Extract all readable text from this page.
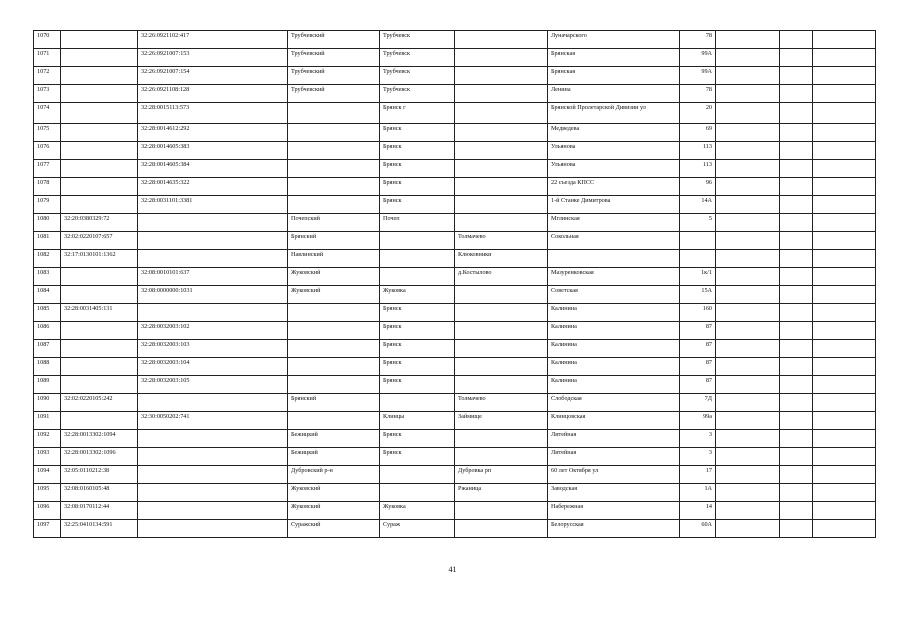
1070		32:26:0921102:417	Трубчевский	Трубчевск		Луначарского	78			
1071		32:26:0921007:153	Трубчевский	Трубчевск		Брянская	99А			
1072		32:26:0921007:154	Трубчевский	Трубчевск		Брянская	99А			
1073		32:26:0921108:128	Трубчевский	Трубчевск		Ленина	78			
1074		32:28:0015113:573		Брянск г		Брянской Пролетарской Дивизии ул	20			
1075		32:28:0014612:292		Брянск		Медведева	69			
1076		32:28:0014605:383		Брянск		Ульянова	113			
1077		32:28:0014605:384		Брянск		Ульянова	113			
1078		32:28:0014635:322		Брянск		22 съезда КПСС	96			
1079		32:28:0031101:3381		Брянск		1-й Станке Димитрова	14А			
1080	32:20:0380329:72		Почепский	Почеп		Мглинская	5			
1081	32:02:0220107:657		Брянский		Толмачево	Сокольная				
1082	32:17:0130101:1362		Навлинский		Клюковники					
1083		32:08:0010101:637	Жуковский		д.Костылово	Мазуренковская	1к/1			
1084		32:08:0000000:1031	Жуковский	Жуковка		Советская	15А			
1085	32:28:0031405:131			Брянск		Калинина	160			
1086		32:28:0032003:102		Брянск		Калинина	87			
1087		32:28:0032003:103		Брянск		Калинина	87			
1088		32:28:0032003:104		Брянск		Калинина	87			
1089		32:28:0032003:105		Брянск		Калинина	87			
1090	32:02:0220105:242		Брянский		Толмачево	Слободская	7Д			
1091		32:30:0050202:741		Клинцы	Займище	Клинцовская	99а			
1092	32:28:0013302:1094		Бежицкий	Брянск		Литейная	3			
1093	32:28:0013302:1096		Бежицкий	Брянск		Литейная	3			
1094	32:05:0110212:38		Дубровский р-н		Дубровка рп	60 лет Октября ул	17			
1095	32:08:0160105:48		Жуковский		Ржаница	Заводская	1А			
1096	32:08:0170112:44		Жуковский	Жуковка		Набережная	14			
1097	32:25:0410134:591		Суражский	Сураж		Белорусская	60А			
41
